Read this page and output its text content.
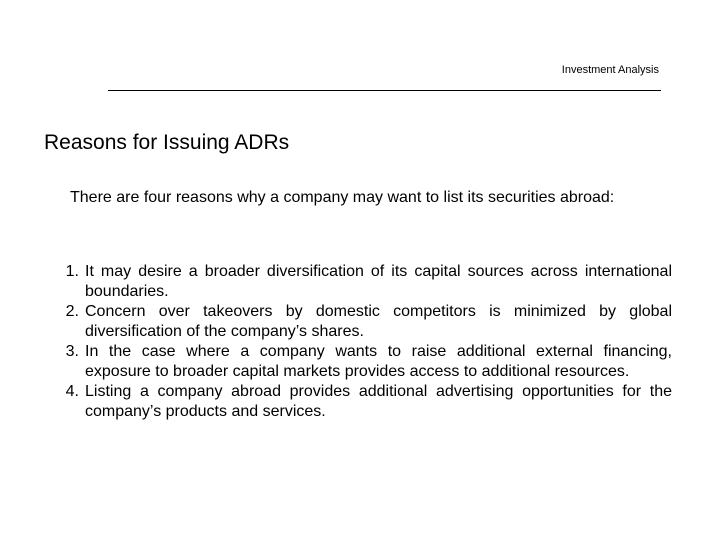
Investment Analysis
Reasons for Issuing ADRs

There are four reasons why a company may want to list its securities abroad:

1. It may desire a broader diversification of its capital sources across international boundaries.
2. Concern over takeovers by domestic competitors is minimized by global diversification of the company’s shares.
3. In the case where a company wants to raise additional external financing, exposure to broader capital markets provides access to additional resources.
4. Listing a company abroad provides additional advertising opportunities for the company’s products and services.
